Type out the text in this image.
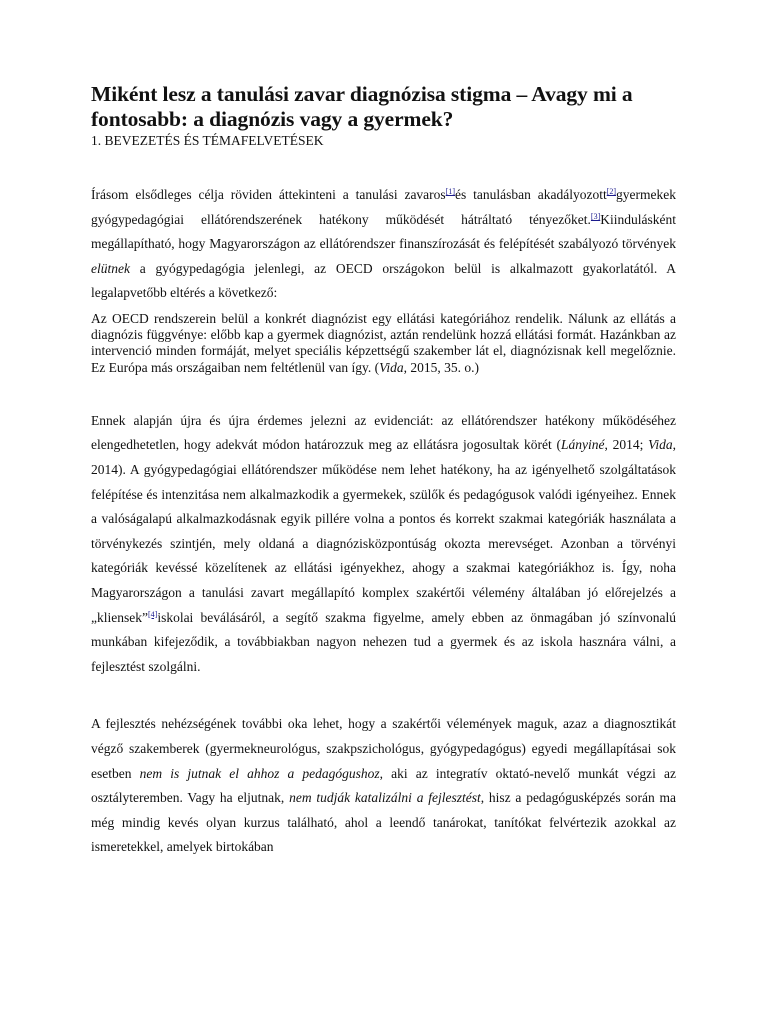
Miként lesz a tanulási zavar diagnózisa stigma – Avagy mi a fontosabb: a diagnózis vagy a gyermek?
1. BEVEZETÉS ÉS TÉMAFELVETÉSEK

Írásom elsődleges célja röviden áttekinteni a tanulási zavaros[1]és tanulásban akadályozott[2]gyermekek gyógypedagógiai ellátórendszerének hatékony működését hátráltató tényezőket.[3]Kiindulásként megállapítható, hogy Magyarországon az ellátórendszer finanszírozását és felépítését szabályozó törvények elütnek a gyógypedagógia jelenlegi, az OECD országokon belül is alkalmazott gyakorlatától. A legalapvetőbb eltérés a következő:

Az OECD rendszerein belül a konkrét diagnózist egy ellátási kategóriához rendelik. Nálunk az ellátás a diagnózis függvénye: előbb kap a gyermek diagnózist, aztán rendelünk hozzá ellátási formát. Hazánkban az intervenció minden formáját, melyet speciális képzettségű szakember lát el, diagnózisnak kell megelőznie. Ez Európa más országaiban nem feltétlenül van így. (Vida, 2015, 35. o.)

Ennek alapján újra és újra érdemes jelezni az evidenciát: az ellátórendszer hatékony működéséhez elengedhetetlen, hogy adekvát módon határozzuk meg az ellátásra jogosultak körét (Lányiné, 2014; Vida, 2014). A gyógypedagógiai ellátórendszer működése nem lehet hatékony, ha az igényelhető szolgáltatások felépítése és intenzitása nem alkalmazkodik a gyermekek, szülők és pedagógusok valódi igényeihez. Ennek a valóságalapú alkalmazkodásnak egyik pillére volna a pontos és korrekt szakmai kategóriák használata a törvénykezés szintjén, mely oldaná a diagnózisközpontúság okozta merevséget. Azonban a törvényi kategóriák kevéssé közelítenek az ellátási igényekhez, ahogy a szakmai kategóriákhoz is. Így, noha Magyarországon a tanulási zavart megállapító komplex szakértői vélemény általában jó előrejelzés a „kliensek”[4]iskolai beválásáról, a segítő szakma figyelme, amely ebben az önmagában jó színvonalú munkában kifejeződik, a továbbiakban nagyon nehezen tud a gyermek és az iskola hasznára válni, a fejlesztést szolgálni.

A fejlesztés nehézségének további oka lehet, hogy a szakértői vélemények maguk, azaz a diagnosztikát végző szakemberek (gyermekneurológus, szakpszichológus, gyógypedagógus) egyedi megállapításai sok esetben nem is jutnak el ahhoz a pedagógushoz, aki az integratív oktató-nevelő munkát végzi az osztályteremben. Vagy ha eljutnak, nem tudják katalizálni a fejlesztést, hisz a pedagógusképzés során ma még mindig kevés olyan kurzus található, ahol a leendő tanárokat, tanítókat felvértezik azokkal az ismeretekkel, amelyek birtokában
